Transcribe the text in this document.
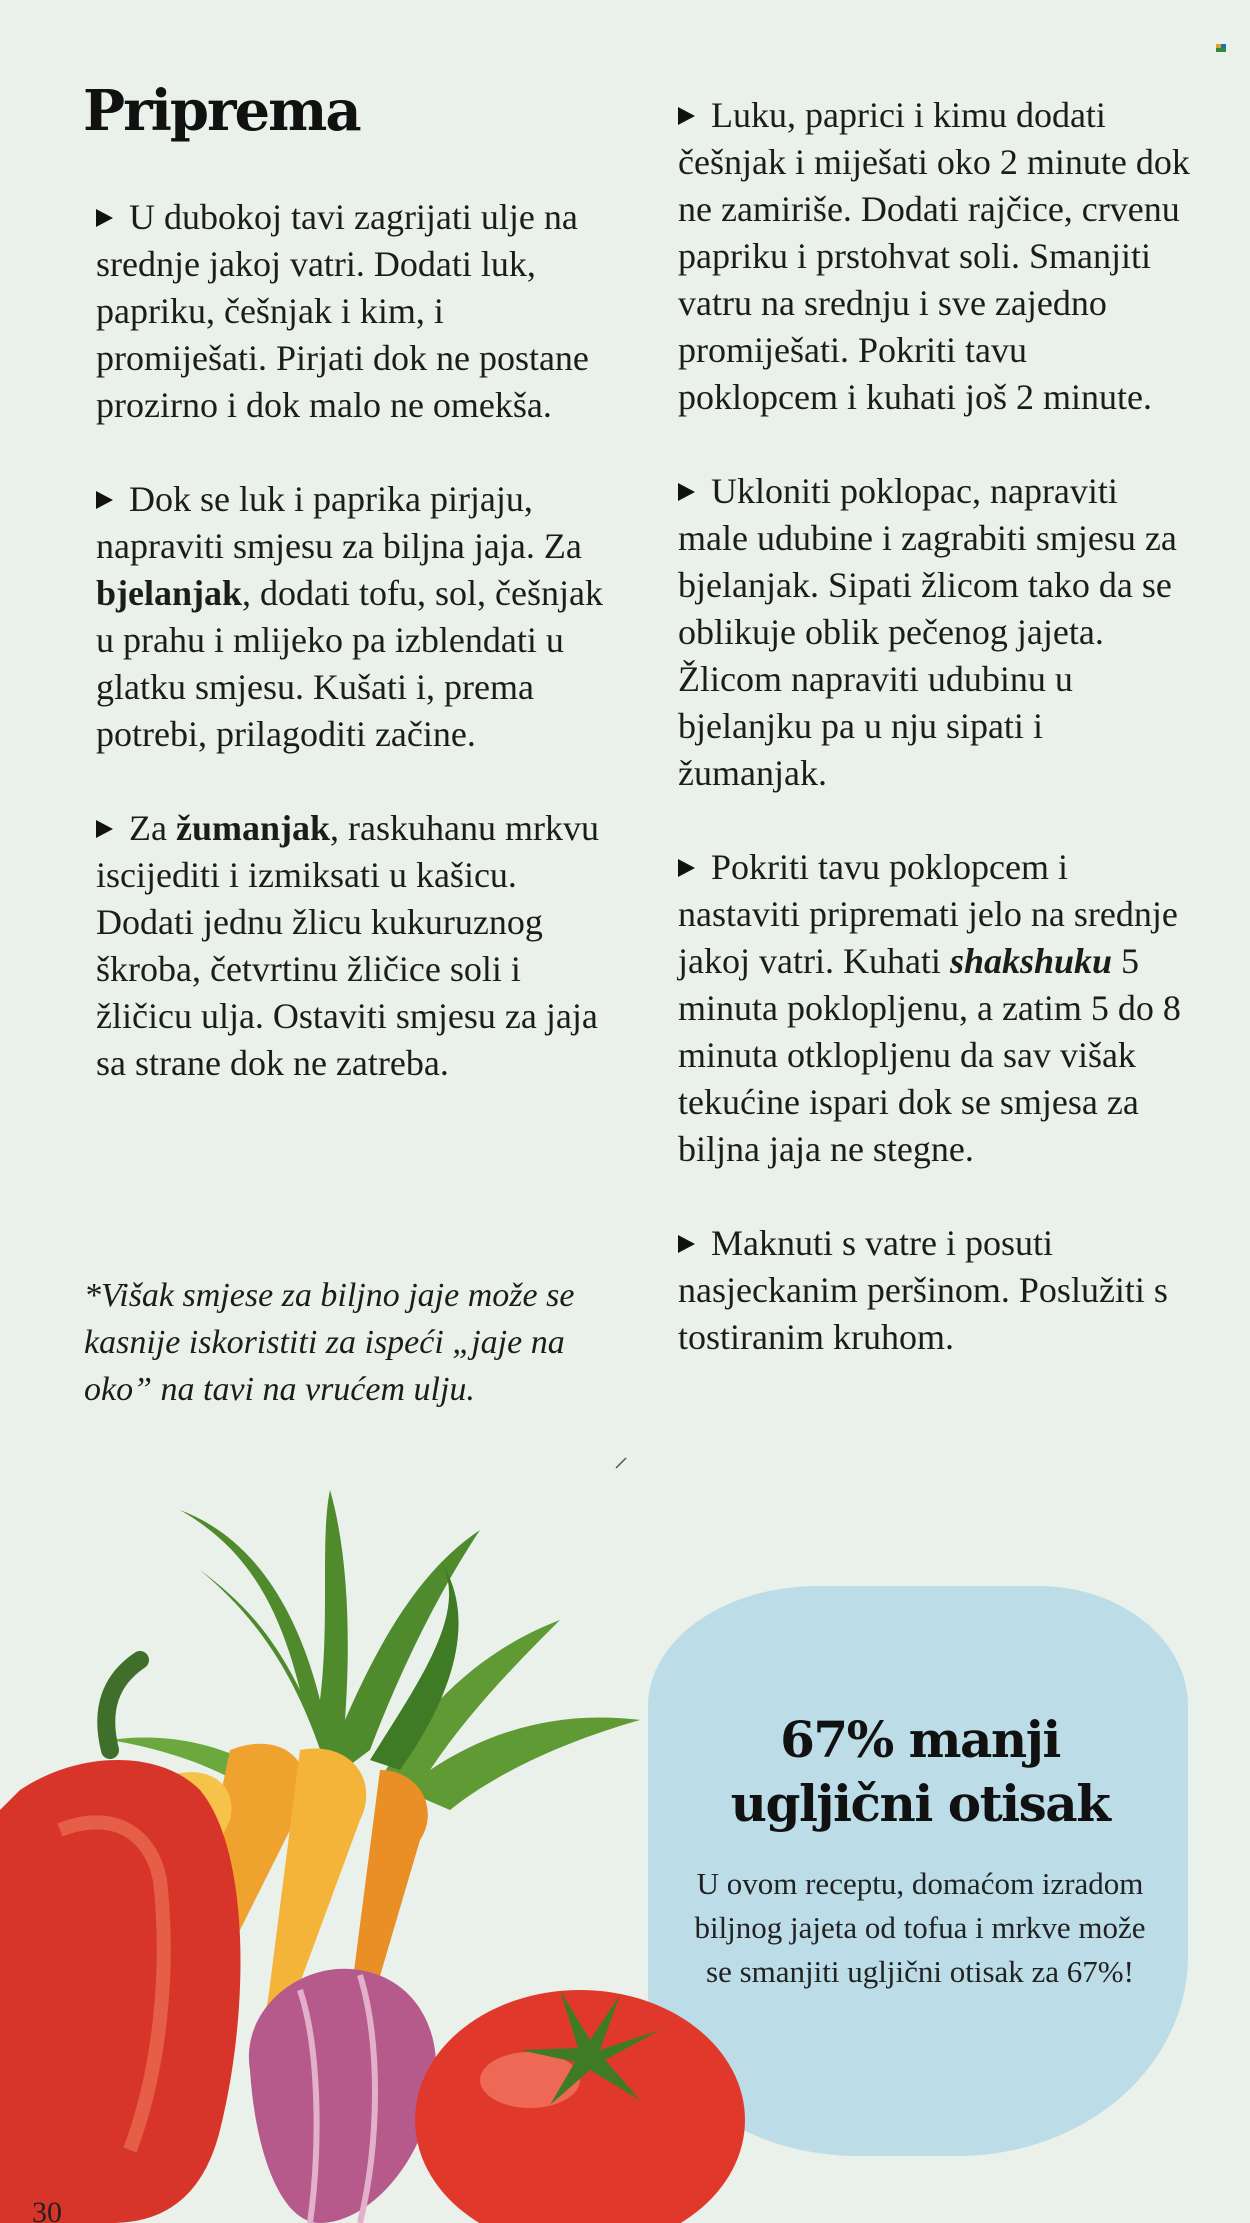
Priprema

U dubokoj tavi zagrijati ulje na srednje jakoj vatri. Dodati luk, papriku, češnjak i kim, i promiješati. Pirjati dok ne postane prozirno i dok malo ne omekša.

Dok se luk i paprika pirjaju, napraviti smjesu za biljna jaja. Za bjelanjak, dodati tofu, sol, češnjak u prahu i mlijeko pa izblendati u glatku smjesu. Kušati i, prema potrebi, prilagoditi začine.

Za žumanjak, raskuhanu mrkvu iscijediti i izmiksati u kašicu. Dodati jednu žlicu kukuruznog škroba, četvrtinu žličice soli i žličicu ulja. Ostaviti smjesu za jaja sa strane dok ne zatreba.

*Višak smjese za biljno jaje može se kasnije iskoristiti za ispeći „jaje na oko” na tavi na vrućem ulju.

Luku, paprici i kimu dodati češnjak i miješati oko 2 minute dok ne zamiriše. Dodati rajčice, crvenu papriku i prstohvat soli. Smanjiti vatru na srednju i sve zajedno promiješati. Pokriti tavu poklopcem i kuhati još 2 minute.

Ukloniti poklopac, napraviti male udubine i zagrabiti smjesu za bjelanjak. Sipati žlicom tako da se oblikuje oblik pečenog jajeta. Žlicom napraviti udubinu u bjelanjku pa u nju sipati i žumanjak.

Pokriti tavu poklopcem i nastaviti pripremati jelo na srednje jakoj vatri. Kuhati shakshuku 5 minuta poklopljenu, a zatim 5 do 8 minuta otklopljenu da sav višak tekućine ispari dok se smjesa za biljna jaja ne stegne.

Maknuti s vatre i posuti nasjeckanim peršinom. Poslužiti s tostiranim kruhom.

67% manji
ugljični otisak

U ovom receptu, domaćom izradom biljnog jajeta od tofua i mrkve može se smanjiti ugljični otisak za 67%!

30
